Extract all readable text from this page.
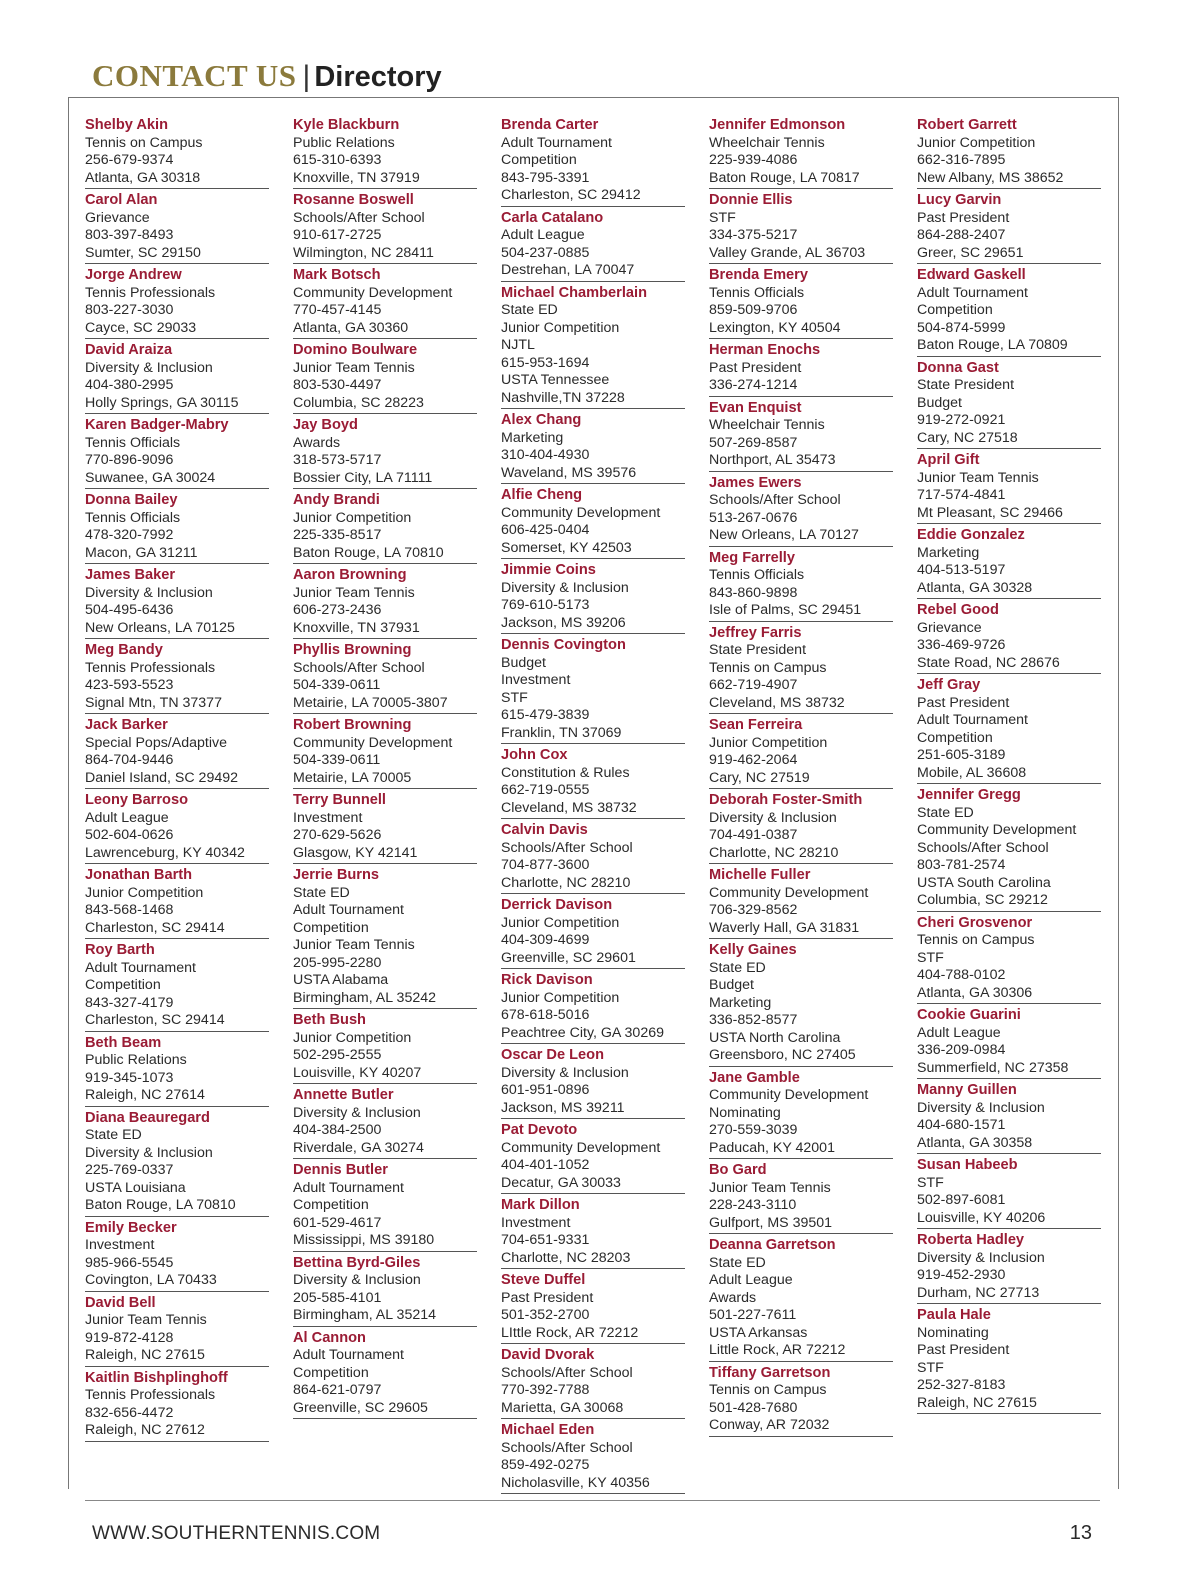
CONTACT US | Directory
Shelby Akin
Tennis on Campus
256-679-9374
Atlanta, GA 30318
Carol Alan
Grievance
803-397-8493
Sumter, SC 29150
Jorge Andrew
Tennis Professionals
803-227-3030
Cayce, SC 29033
David Araiza
Diversity & Inclusion
404-380-2995
Holly Springs, GA 30115
Karen Badger-Mabry
Tennis Officials
770-896-9096
Suwanee, GA 30024
Donna Bailey
Tennis Officials
478-320-7992
Macon, GA 31211
James Baker
Diversity & Inclusion
504-495-6436
New Orleans, LA 70125
Meg Bandy
Tennis Professionals
423-593-5523
Signal Mtn, TN 37377
Jack Barker
Special Pops/Adaptive
864-704-9446
Daniel Island, SC 29492
Leony Barroso
Adult League
502-604-0626
Lawrenceburg, KY 40342
Jonathan Barth
Junior Competition
843-568-1468
Charleston, SC 29414
Roy Barth
Adult Tournament
Competition
843-327-4179
Charleston, SC 29414
Beth Beam
Public Relations
919-345-1073
Raleigh, NC 27614
Diana Beauregard
State ED
Diversity & Inclusion
225-769-0337
USTA Louisiana
Baton Rouge, LA 70810
Emily Becker
Investment
985-966-5545
Covington, LA 70433
David Bell
Junior Team Tennis
919-872-4128
Raleigh, NC 27615
Kaitlin Bishplinghoff
Tennis Professionals
832-656-4472
Raleigh, NC 27612
Kyle Blackburn
Public Relations
615-310-6393
Knoxville, TN 37919
Rosanne Boswell
Schools/After School
910-617-2725
Wilmington, NC 28411
Mark Botsch
Community Development
770-457-4145
Atlanta, GA 30360
Domino Boulware
Junior Team Tennis
803-530-4497
Columbia, SC 28223
Jay Boyd
Awards
318-573-5717
Bossier City, LA 71111
Andy Brandi
Junior Competition
225-335-8517
Baton Rouge, LA 70810
Aaron Browning
Junior Team Tennis
606-273-2436
Knoxville, TN 37931
Phyllis Browning
Schools/After School
504-339-0611
Metairie, LA 70005-3807
Robert Browning
Community Development
504-339-0611
Metairie, LA 70005
Terry Bunnell
Investment
270-629-5626
Glasgow, KY 42141
Jerrie Burns
State ED
Adult Tournament
Competition
Junior Team Tennis
205-995-2280
USTA Alabama
Birmingham, AL 35242
Beth Bush
Junior Competition
502-295-2555
Louisville, KY 40207
Annette Butler
Diversity & Inclusion
404-384-2500
Riverdale, GA 30274
Dennis Butler
Adult Tournament
Competition
601-529-4617
Mississippi, MS 39180
Bettina Byrd-Giles
Diversity & Inclusion
205-585-4101
Birmingham, AL 35214
Al Cannon
Adult Tournament
Competition
864-621-0797
Greenville, SC 29605
Brenda Carter
Adult Tournament
Competition
843-795-3391
Charleston, SC 29412
Carla Catalano
Adult League
504-237-0885
Destrehan, LA 70047
Michael Chamberlain
State ED
Junior Competition
NJTL
615-953-1694
USTA Tennessee
Nashville,TN 37228
Alex Chang
Marketing
310-404-4930
Waveland, MS 39576
Alfie Cheng
Community Development
606-425-0404
Somerset, KY 42503
Jimmie Coins
Diversity & Inclusion
769-610-5173
Jackson, MS 39206
Dennis Covington
Budget
Investment
STF
615-479-3839
Franklin, TN 37069
John Cox
Constitution & Rules
662-719-0555
Cleveland, MS 38732
Calvin Davis
Schools/After School
704-877-3600
Charlotte, NC 28210
Derrick Davison
Junior Competition
404-309-4699
Greenville, SC 29601
Rick Davison
Junior Competition
678-618-5016
Peachtree City, GA 30269
Oscar De Leon
Diversity & Inclusion
601-951-0896
Jackson, MS 39211
Pat Devoto
Community Development
404-401-1052
Decatur, GA 30033
Mark Dillon
Investment
704-651-9331
Charlotte, NC 28203
Steve Duffel
Past President
501-352-2700
LIttle Rock, AR 72212
David Dvorak
Schools/After School
770-392-7788
Marietta, GA 30068
Michael Eden
Schools/After School
859-492-0275
Nicholasville, KY 40356
Jennifer Edmonson
Wheelchair Tennis
225-939-4086
Baton Rouge, LA 70817
Donnie Ellis
STF
334-375-5217
Valley Grande, AL 36703
Brenda Emery
Tennis Officials
859-509-9706
Lexington, KY 40504
Herman Enochs
Past President
336-274-1214
Evan Enquist
Wheelchair Tennis
507-269-8587
Northport, AL 35473
James Ewers
Schools/After School
513-267-0676
New Orleans, LA 70127
Meg Farrelly
Tennis Officials
843-860-9898
Isle of Palms, SC 29451
Jeffrey Farris
State President
Tennis on Campus
662-719-4907
Cleveland, MS 38732
Sean Ferreira
Junior Competition
919-462-2064
Cary, NC 27519
Deborah Foster-Smith
Diversity & Inclusion
704-491-0387
Charlotte, NC 28210
Michelle Fuller
Community Development
706-329-8562
Waverly Hall, GA 31831
Kelly Gaines
State ED
Budget
Marketing
336-852-8577
USTA North Carolina
Greensboro, NC 27405
Jane Gamble
Community Development
Nominating
270-559-3039
Paducah, KY 42001
Bo Gard
Junior Team Tennis
228-243-3110
Gulfport, MS 39501
Deanna Garretson
State ED
Adult League
Awards
501-227-7611
USTA Arkansas
Little Rock, AR 72212
Tiffany Garretson
Tennis on Campus
501-428-7680
Conway, AR 72032
Robert Garrett
Junior Competition
662-316-7895
New Albany, MS 38652
Lucy Garvin
Past President
864-288-2407
Greer, SC 29651
Edward Gaskell
Adult Tournament
Competition
504-874-5999
Baton Rouge, LA 70809
Donna Gast
State President
Budget
919-272-0921
Cary, NC 27518
April Gift
Junior Team Tennis
717-574-4841
Mt Pleasant, SC 29466
Eddie Gonzalez
Marketing
404-513-5197
Atlanta, GA 30328
Rebel Good
Grievance
336-469-9726
State Road, NC 28676
Jeff Gray
Past President
Adult Tournament
Competition
251-605-3189
Mobile, AL 36608
Jennifer Gregg
State ED
Community Development
Schools/After School
803-781-2574
USTA South Carolina
Columbia, SC 29212
Cheri Grosvenor
Tennis on Campus
STF
404-788-0102
Atlanta, GA 30306
Cookie Guarini
Adult League
336-209-0984
Summerfield, NC 27358
Manny Guillen
Diversity & Inclusion
404-680-1571
Atlanta, GA 30358
Susan Habeeb
STF
502-897-6081
Louisville, KY 40206
Roberta Hadley
Diversity & Inclusion
919-452-2930
Durham, NC 27713
Paula Hale
Nominating
Past President
STF
252-327-8183
Raleigh, NC 27615
WWW.SOUTHERNTENNIS.COM	13
